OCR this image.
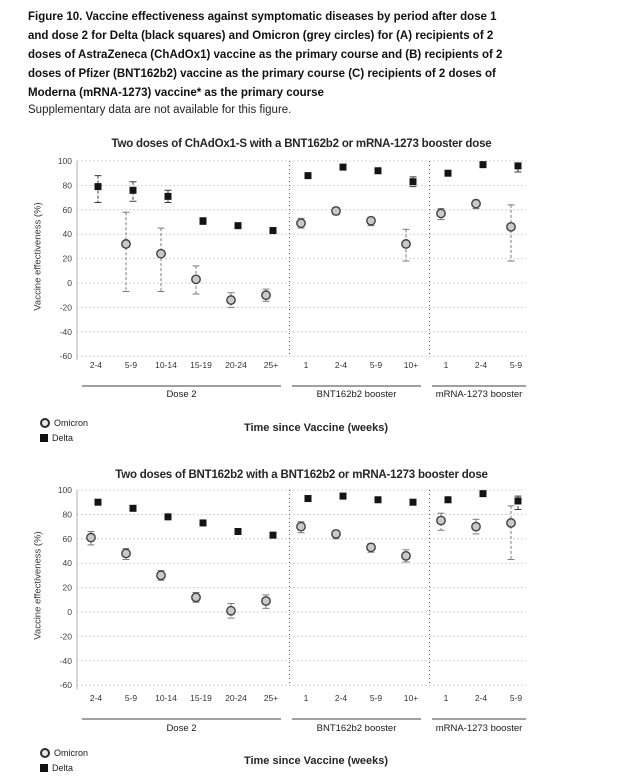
Figure 10. Vaccine effectiveness against symptomatic diseases by period after dose 1
and dose 2 for Delta (black squares) and Omicron (grey circles) for (A) recipients of 2
doses of AstraZeneca (ChAdOx1) vaccine as the primary course and (B) recipients of 2
doses of Pfizer (BNT162b2) vaccine as the primary course (C) recipients of 2 doses of
Moderna (mRNA-1273) vaccine* as the primary course
Supplementary data are not available for this figure.
Two doses of ChAdOx1-S with a BNT162b2 or mRNA-1273 booster dose
Vaccine effectiveness (%)
100
80
60
40
20
0
-20
-40
-60
2-4	5-9 10-14 15-19 20-24 25+	1	2-4	5-9	10+	1	2-4	5-9
Dose 2	BNT162b2 booster	mRNA-1273 booster
Omicron
Delta
Time since Vaccine (weeks)
Two doses of BNT162b2 with a BNT162b2 or mRNA-1273 booster dose
Vaccine effectiveness (%)
100
80
60
40
20
0
-20
-40
-60
2-4	5-9 10-14 15-19 20-24 25+	1	2-4	5-9	10+	1	2-4	5-9
Dose 2	BNT162b2 booster	mRNA-1273 booster
Omicron
Delta
Time since Vaccine (weeks)
